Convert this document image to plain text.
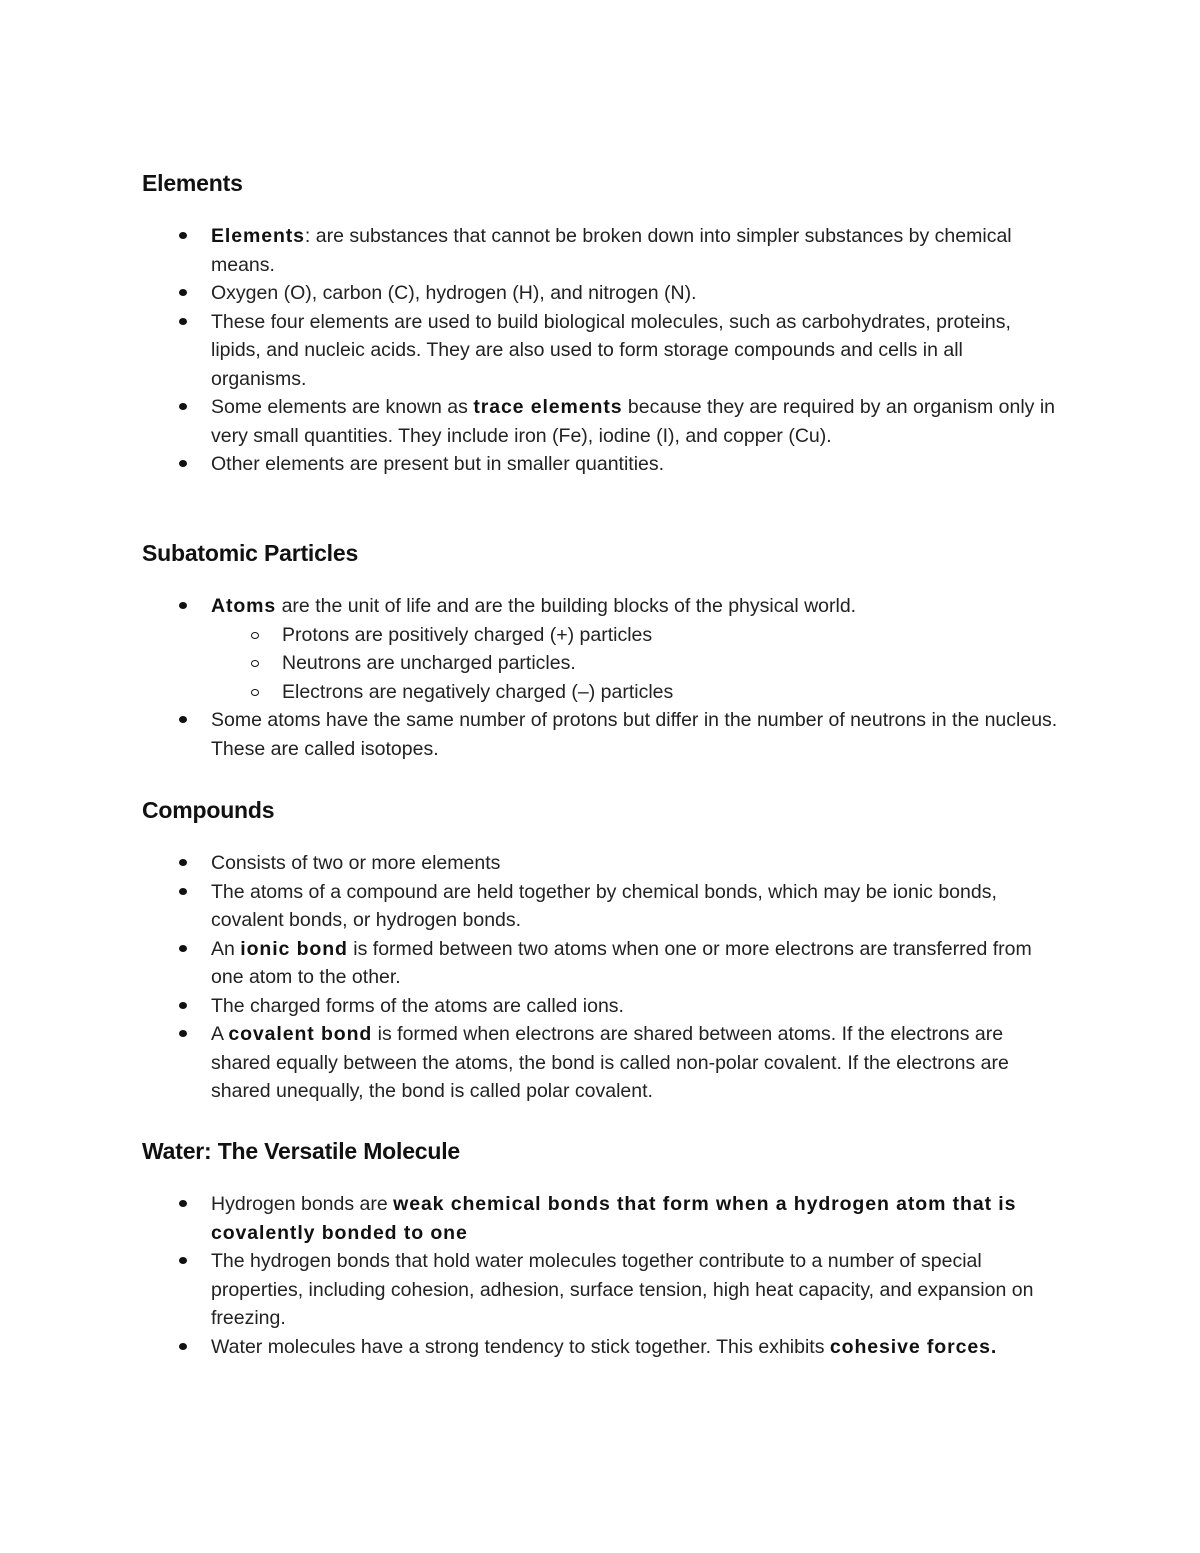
Elements
Elements: are substances that cannot be broken down into simpler substances by chemical means.
Oxygen (O), carbon (C), hydrogen (H), and nitrogen (N).
These four elements are used to build biological molecules, such as carbohydrates, proteins, lipids, and nucleic acids. They are also used to form storage compounds and cells in all organisms.
Some elements are known as trace elements because they are required by an organism only in very small quantities. They include iron (Fe), iodine (I), and copper (Cu).
Other elements are present but in smaller quantities.
Subatomic Particles
Atoms are the unit of life and are the building blocks of the physical world.
Protons are positively charged (+) particles
Neutrons are uncharged particles.
Electrons are negatively charged (–) particles
Some atoms have the same number of protons but differ in the number of neutrons in the nucleus. These are called isotopes.
Compounds
Consists of two or more elements
The atoms of a compound are held together by chemical bonds, which may be ionic bonds, covalent bonds, or hydrogen bonds.
An ionic bond is formed between two atoms when one or more electrons are transferred from one atom to the other.
The charged forms of the atoms are called ions.
A covalent bond is formed when electrons are shared between atoms. If the electrons are shared equally between the atoms, the bond is called non-polar covalent. If the electrons are shared unequally, the bond is called polar covalent.
Water: The Versatile Molecule
Hydrogen bonds are weak chemical bonds that form when a hydrogen atom that is covalently bonded to one
The hydrogen bonds that hold water molecules together contribute to a number of special properties, including cohesion, adhesion, surface tension, high heat capacity, and expansion on freezing.
Water molecules have a strong tendency to stick together. This exhibits cohesive forces.
